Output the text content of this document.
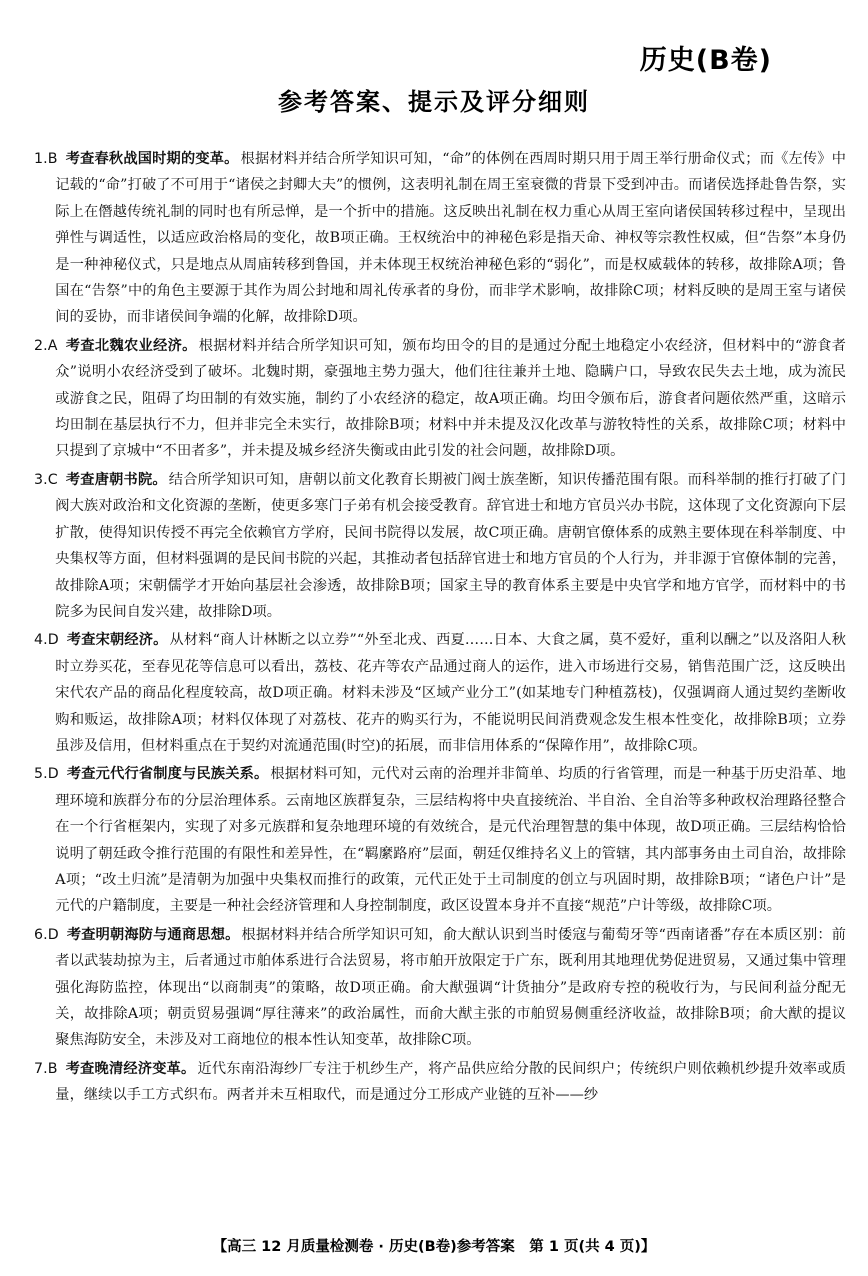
历史(B卷)
参考答案、提示及评分细则

1.B 考查春秋战国时期的变革。 根据材料并结合所学知识可知，“命”的体例在西周时期只用于周王举行册命仪式；而《左传》中记载的“命”打破了不可用于“诸侯之封卿大夫”的惯例，这表明礼制在周王室衰微的背景下受到冲击。而诸侯选择赴鲁告祭，实际上在僭越传统礼制的同时也有所忌惮，是一个折中的措施。这反映出礼制在权力重心从周王室向诸侯国转移过程中，呈现出弹性与调适性，以适应政治格局的变化，故B项正确。王权统治中的神秘色彩是指天命、神权等宗教性权威，但“告祭”本身仍是一种神秘仪式，只是地点从周庙转移到鲁国，并未体现王权统治神秘色彩的“弱化”，而是权威载体的转移，故排除A项；鲁国在“告祭”中的角色主要源于其作为周公封地和周礼传承者的身份，而非学术影响，故排除C项；材料反映的是周王室与诸侯间的妥协，而非诸侯间争端的化解，故排除D项。

2.A 考查北魏农业经济。 根据材料并结合所学知识可知，颁布均田令的目的是通过分配土地稳定小农经济，但材料中的“游食者众”说明小农经济受到了破坏。北魏时期，豪强地主势力强大，他们往往兼并土地、隐瞒户口，导致农民失去土地，成为流民或游食之民，阻碍了均田制的有效实施，制约了小农经济的稳定，故A项正确。均田令颁布后，游食者问题依然严重，这暗示均田制在基层执行不力，但并非完全未实行，故排除B项；材料中并未提及汉化改革与游牧特性的关系，故排除C项；材料中只提到了京城中“不田者多”，并未提及城乡经济失衡或由此引发的社会问题，故排除D项。

3.C 考查唐朝书院。 结合所学知识可知，唐朝以前文化教育长期被门阀士族垄断，知识传播范围有限。而科举制的推行打破了门阀大族对政治和文化资源的垄断，使更多寒门子弟有机会接受教育。辞官进士和地方官员兴办书院，这体现了文化资源向下层扩散，使得知识传授不再完全依赖官方学府，民间书院得以发展，故C项正确。唐朝官僚体系的成熟主要体现在科举制度、中央集权等方面，但材料强调的是民间书院的兴起，其推动者包括辞官进士和地方官员的个人行为，并非源于官僚体制的完善，故排除A项；宋朝儒学才开始向基层社会渗透，故排除B项；国家主导的教育体系主要是中央官学和地方官学，而材料中的书院多为民间自发兴建，故排除D项。

4.D 考查宋朝经济。 从材料“商人计林断之以立券”“外至北戎、西夏……日本、大食之属，莫不爱好，重利以酬之”以及洛阳人秋时立券买花，至春见花等信息可以看出，荔枝、花卉等农产品通过商人的运作，进入市场进行交易，销售范围广泛，这反映出宋代农产品的商品化程度较高，故D项正确。材料未涉及“区域产业分工”(如某地专门种植荔枝)，仅强调商人通过契约垄断收购和贩运，故排除A项；材料仅体现了对荔枝、花卉的购买行为，不能说明民间消费观念发生根本性变化，故排除B项；立券虽涉及信用，但材料重点在于契约对流通范围(时空)的拓展，而非信用体系的“保障作用”，故排除C项。

5.D 考查元代行省制度与民族关系。 根据材料可知，元代对云南的治理并非简单、均质的行省管理，而是一种基于历史沿革、地理环境和族群分布的分层治理体系。云南地区族群复杂，三层结构将中央直接统治、半自治、全自治等多种政权治理路径整合在一个行省框架内，实现了对多元族群和复杂地理环境的有效统合，是元代治理智慧的集中体现，故D项正确。三层结构恰恰说明了朝廷政令推行范围的有限性和差异性，在“羁縻路府”层面，朝廷仅维持名义上的管辖，其内部事务由土司自治，故排除A项；“改土归流”是清朝为加强中央集权而推行的政策，元代正处于土司制度的创立与巩固时期，故排除B项；“诸色户计”是元代的户籍制度，主要是一种社会经济管理和人身控制制度，政区设置本身并不直接“规范”户计等级，故排除C项。

6.D 考查明朝海防与通商思想。 根据材料并结合所学知识可知，俞大猷认识到当时倭寇与葡萄牙等“西南诸番”存在本质区别：前者以武装劫掠为主，后者通过市舶体系进行合法贸易，将市舶开放限定于广东，既利用其地理优势促进贸易，又通过集中管理强化海防监控，体现出“以商制夷”的策略，故D项正确。俞大猷强调“计货抽分”是政府专控的税收行为，与民间利益分配无关，故排除A项；朝贡贸易强调“厚往薄来”的政治属性，而俞大猷主张的市舶贸易侧重经济收益，故排除B项；俞大猷的提议聚焦海防安全，未涉及对工商地位的根本性认知变革，故排除C项。

7.B 考查晚清经济变革。 近代东南沿海纱厂专注于机纱生产，将产品供应给分散的民间织户；传统织户则依赖机纱提升效率或质量，继续以手工方式织布。两者并未互相取代，而是通过分工形成产业链的互补——纱

【高三 12 月质量检测卷 · 历史(B卷)参考答案　第 1 页(共 4 页)】
